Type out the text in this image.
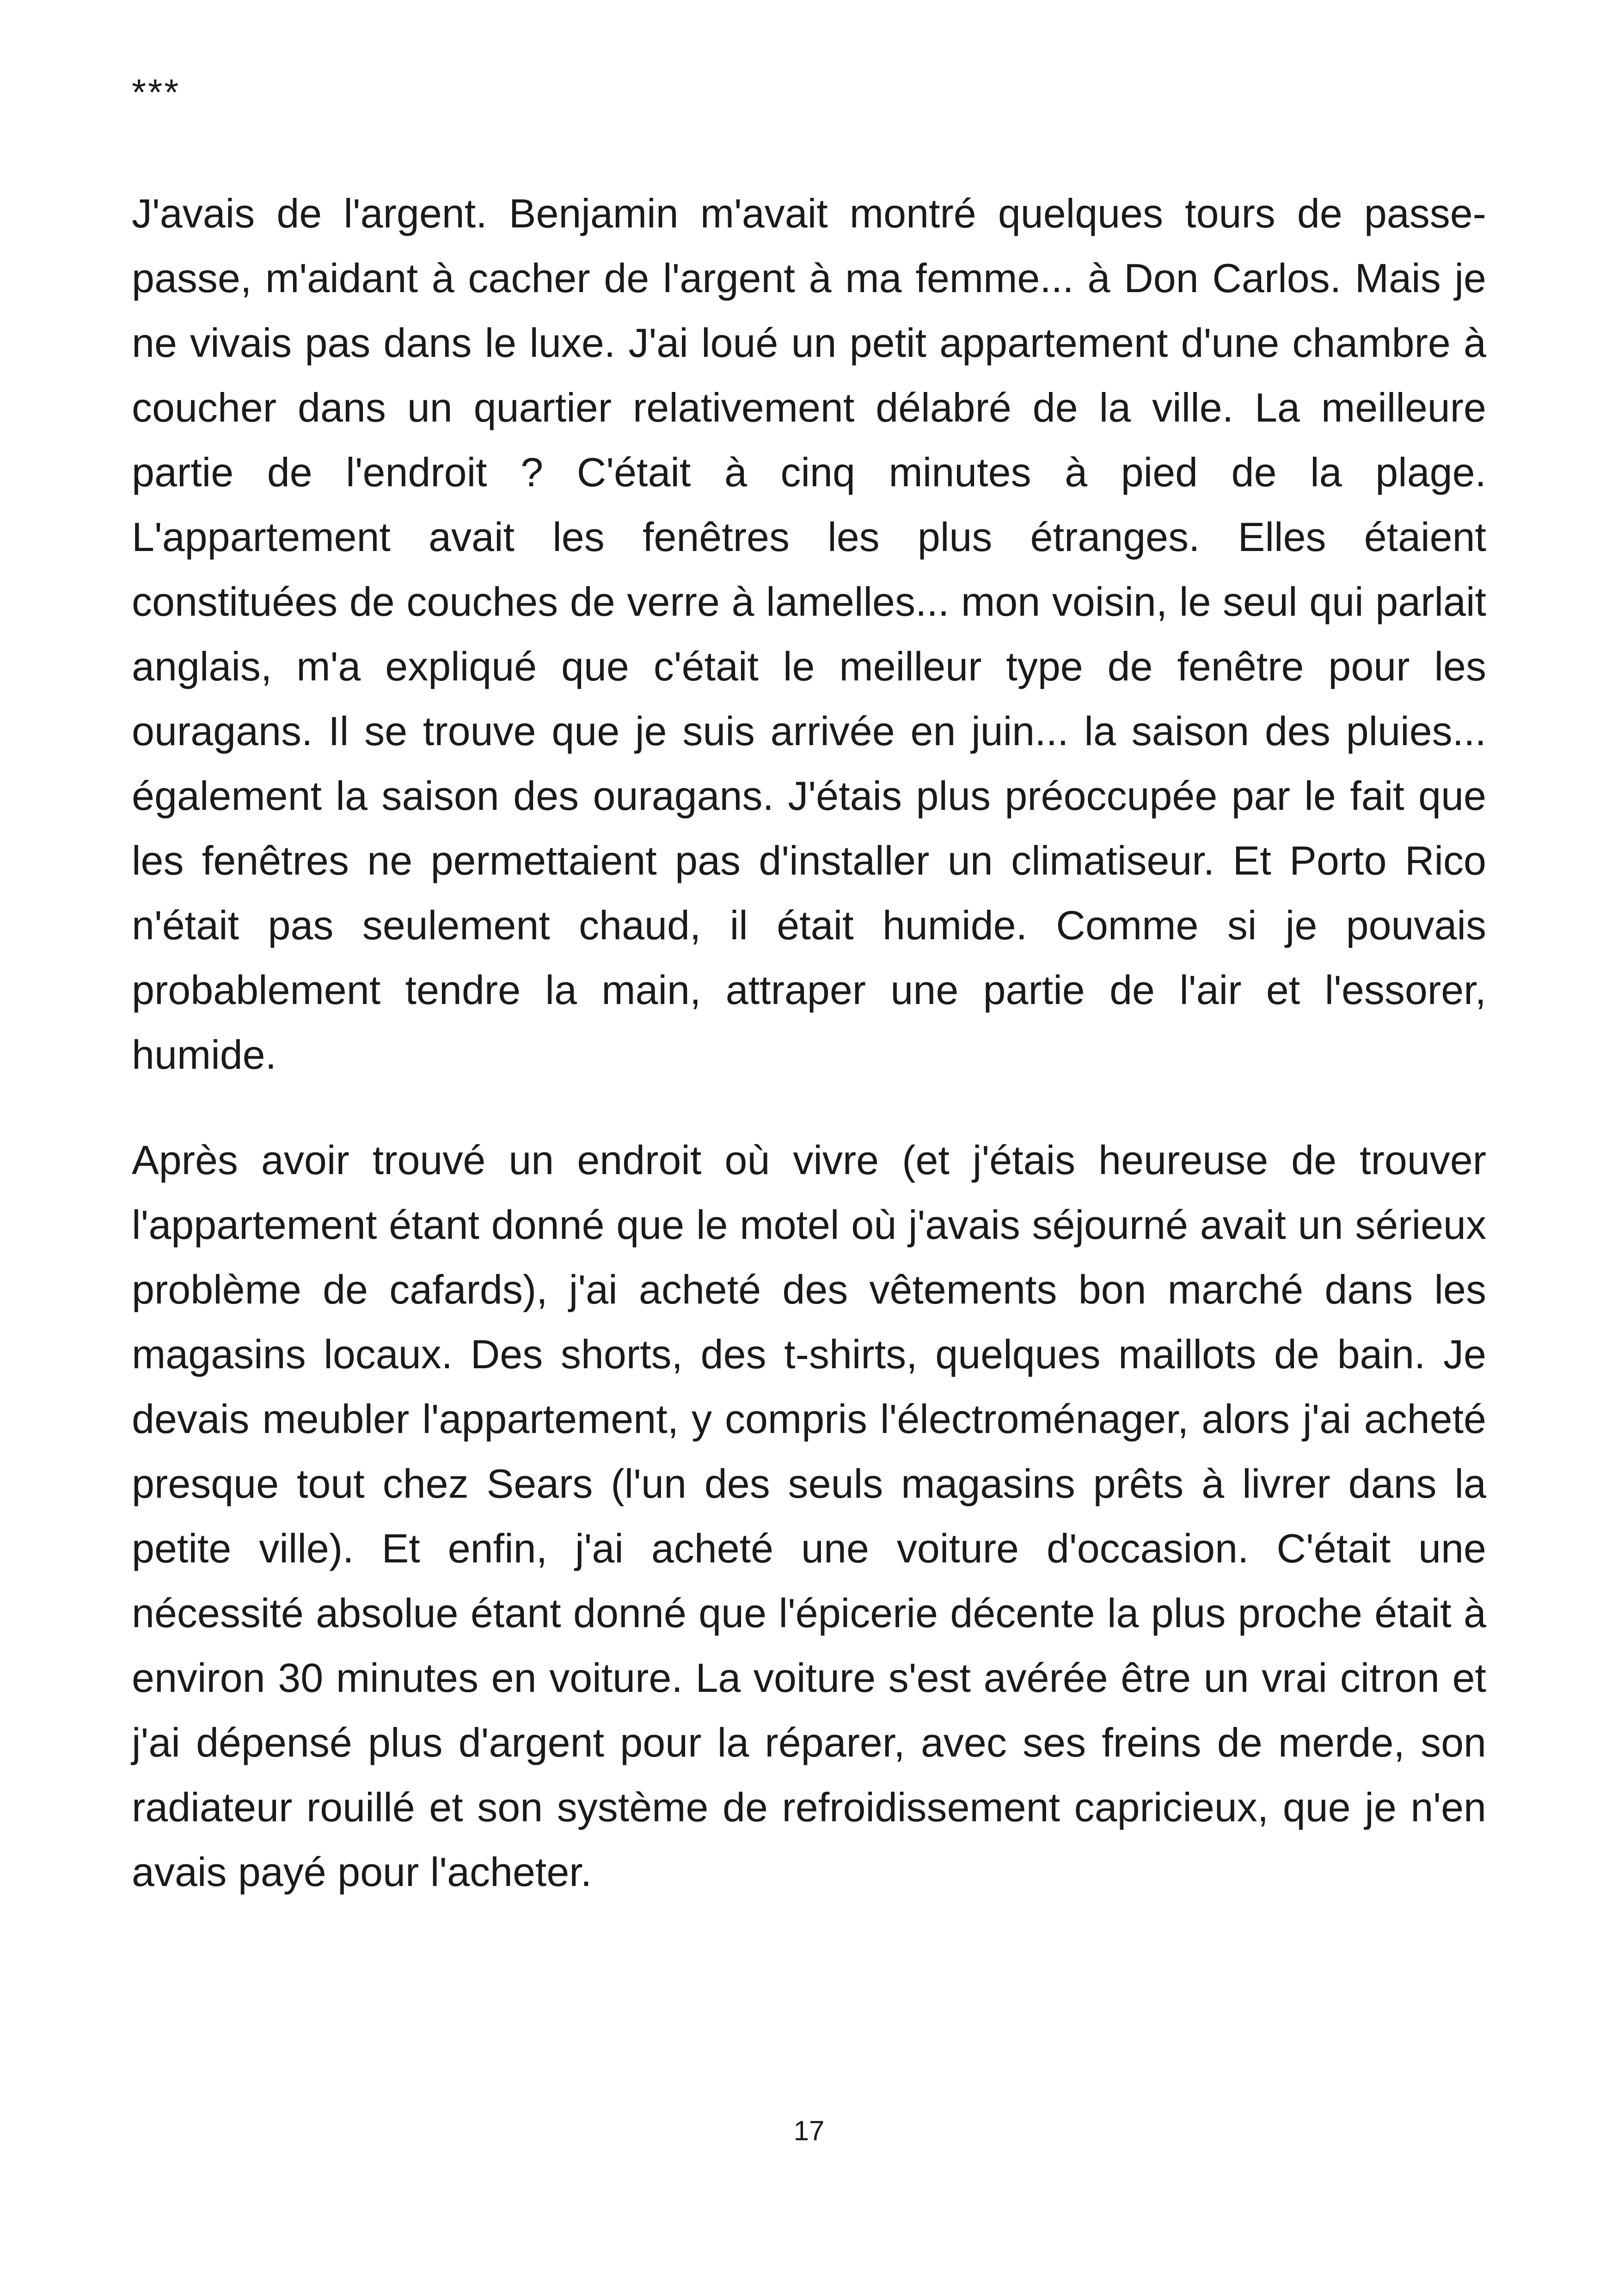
***

J'avais de l'argent. Benjamin m'avait montré quelques tours de passe-passe, m'aidant à cacher de l'argent à ma femme... à Don Carlos. Mais je ne vivais pas dans le luxe. J'ai loué un petit appartement d'une chambre à coucher dans un quartier relativement délabré de la ville. La meilleure partie de l'endroit ? C'était à cinq minutes à pied de la plage. L'appartement avait les fenêtres les plus étranges. Elles étaient constituées de couches de verre à lamelles... mon voisin, le seul qui parlait anglais, m'a expliqué que c'était le meilleur type de fenêtre pour les ouragans. Il se trouve que je suis arrivée en juin... la saison des pluies... également la saison des ouragans. J'étais plus préoccupée par le fait que les fenêtres ne permettaient pas d'installer un climatiseur. Et Porto Rico n'était pas seulement chaud, il était humide. Comme si je pouvais probablement tendre la main, attraper une partie de l'air et l'essorer, humide.

Après avoir trouvé un endroit où vivre (et j'étais heureuse de trouver l'appartement étant donné que le motel où j'avais séjourné avait un sérieux problème de cafards), j'ai acheté des vêtements bon marché dans les magasins locaux. Des shorts, des t-shirts, quelques maillots de bain. Je devais meubler l'appartement, y compris l'électroménager, alors j'ai acheté presque tout chez Sears (l'un des seuls magasins prêts à livrer dans la petite ville). Et enfin, j'ai acheté une voiture d'occasion. C'était une nécessité absolue étant donné que l'épicerie décente la plus proche était à environ 30 minutes en voiture. La voiture s'est avérée être un vrai citron et j'ai dépensé plus d'argent pour la réparer, avec ses freins de merde, son radiateur rouillé et son système de refroidissement capricieux, que je n'en avais payé pour l'acheter.

17
